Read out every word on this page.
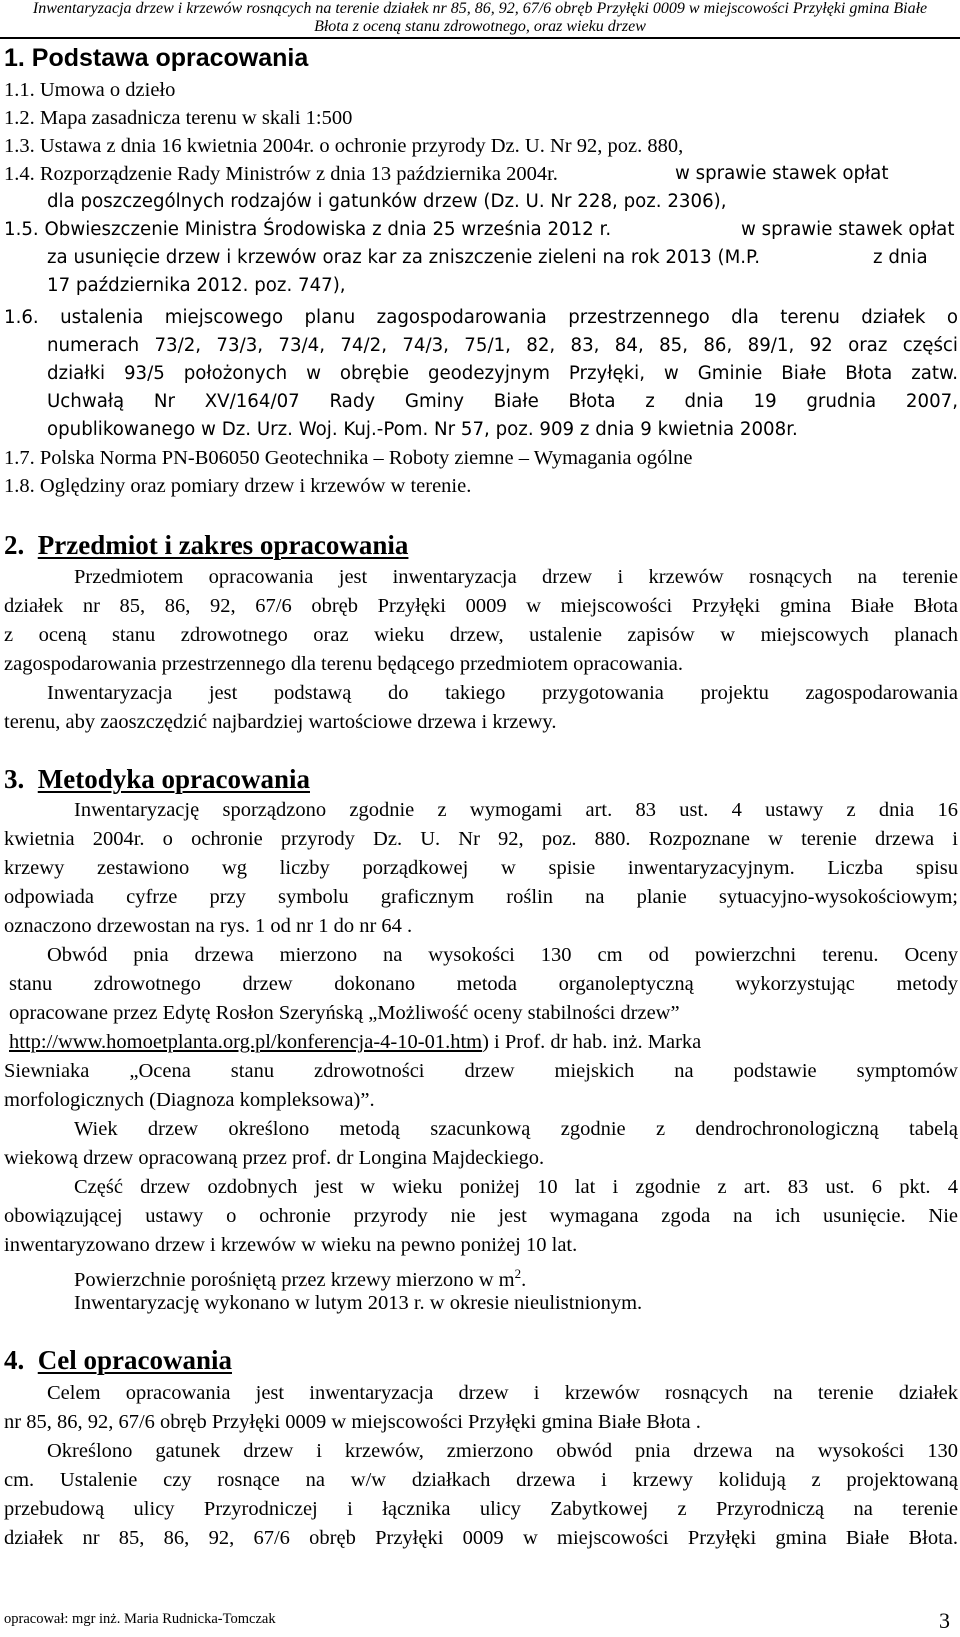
Inwentaryzacja drzew i krzewów rosnących na terenie działek nr 85, 86, 92, 67/6 obręb Przyłęki 0009 w miejscowości Przyłęki gmina Białe
Błota z oceną stanu zdrowotnego, oraz wieku drzew
1. Podstawa opracowania
1.1. Umowa o dzieło
1.2. Mapa zasadnicza terenu w skali 1:500
1.3. Ustawa z dnia 16 kwietnia 2004r. o ochronie przyrody Dz. U. Nr 92, poz. 880,
1.4. Rozporządzenie Rady Ministrów z dnia 13 października 2004r.	w sprawie stawek opłat
dla poszczególnych rodzajów i gatunków drzew (Dz. U. Nr 228, poz. 2306),
1.5. Obwieszczenie Ministra Środowiska z dnia 25 września 2012 r.	w sprawie stawek opłat
za usunięcie drzew i krzewów oraz kar za zniszczenie zieleni na rok 2013 (M.P.	z dnia
17 października 2012. poz. 747),
1.6. ustalenia miejscowego planu zagospodarowania przestrzennego dla terenu działek o
numerach 73/2, 73/3, 73/4, 74/2, 74/3, 75/1, 82, 83, 84, 85, 86, 89/1, 92 oraz części
działki 93/5 położonych w obrębie geodezyjnym Przyłęki, w Gminie Białe Błota zatw.
Uchwałą Nr XV/164/07 Rady Gminy Białe Błota z dnia 19 grudnia 2007,
opublikowanego w Dz. Urz. Woj. Kuj.-Pom. Nr 57, poz. 909 z dnia 9 kwietnia 2008r.
1.7. Polska Norma PN-B06050 Geotechnika – Roboty ziemne – Wymagania ogólne
1.8. Oględziny oraz pomiary drzew i krzewów w terenie.
2. Przedmiot i zakres opracowania
Przedmiotem opracowania jest inwentaryzacja drzew i krzewów rosnących na terenie
działek nr 85, 86, 92, 67/6 obręb Przyłęki 0009 w miejscowości Przyłęki gmina Białe Błota
z oceną stanu zdrowotnego oraz wieku drzew, ustalenie zapisów w miejscowych planach
zagospodarowania przestrzennego dla terenu będącego przedmiotem opracowania.
Inwentaryzacja jest podstawą do takiego przygotowania projektu zagospodarowania
terenu, aby zaoszczędzić najbardziej wartościowe drzewa i krzewy.
3. Metodyka opracowania
Inwentaryzację sporządzono zgodnie z wymogami art. 83 ust. 4 ustawy z dnia 16
kwietnia 2004r. o ochronie przyrody Dz. U. Nr 92, poz. 880. Rozpoznane w terenie drzewa i
krzewy zestawiono wg liczby porządkowej w spisie inwentaryzacyjnym. Liczba spisu
odpowiada cyfrze przy symbolu graficznym roślin na planie sytuacyjno-wysokościowym;
oznaczono drzewostan na rys. 1 od nr 1 do nr 64 .
Obwód pnia drzewa mierzono na wysokości 130 cm od powierzchni terenu. Oceny
stanu zdrowotnego drzew dokonano metoda organoleptyczną wykorzystując metody
opracowane przez Edytę Rosłon Szeryńską „Możliwość oceny stabilności drzew”
http://www.homoetplanta.org.pl/konferencja-4-10-01.htm) i Prof. dr hab. inż. Marka
Siewniaka „Ocena stanu zdrowotności drzew miejskich na podstawie symptomów
morfologicznych (Diagnoza kompleksowa)”.
Wiek drzew określono metodą szacunkową zgodnie z dendrochronologiczną tabelą
wiekową drzew opracowaną przez prof. dr Longina Majdeckiego.
Część drzew ozdobnych jest w wieku poniżej 10 lat i zgodnie z art. 83 ust. 6 pkt. 4
obowiązującej ustawy o ochronie przyrody nie jest wymagana zgoda na ich usunięcie. Nie
inwentaryzowano drzew i krzewów w wieku na pewno poniżej 10 lat.
Powierzchnie porośniętą przez krzewy mierzono w $m^2$.
Inwentaryzację wykonano w lutym 2013 r. w okresie nieulistnionym.
4. Cel opracowania
Celem opracowania jest inwentaryzacja drzew i krzewów rosnących na terenie działek
nr 85, 86, 92, 67/6 obręb Przyłęki 0009 w miejscowości Przyłęki gmina Białe Błota .
Określono gatunek drzew i krzewów, zmierzono obwód pnia drzewa na wysokości 130
cm. Ustalenie czy rosnące na w/w działkach drzewa i krzewy kolidują z projektowaną
przebudową ulicy Przyrodniczej i łącznika ulicy Zabytkowej z Przyrodniczą na terenie
działek nr 85, 86, 92, 67/6 obręb Przyłęki 0009 w miejscowości Przyłęki gmina Białe Błota.
opracował: mgr inż. Maria Rudnicka-Tomczak	3
